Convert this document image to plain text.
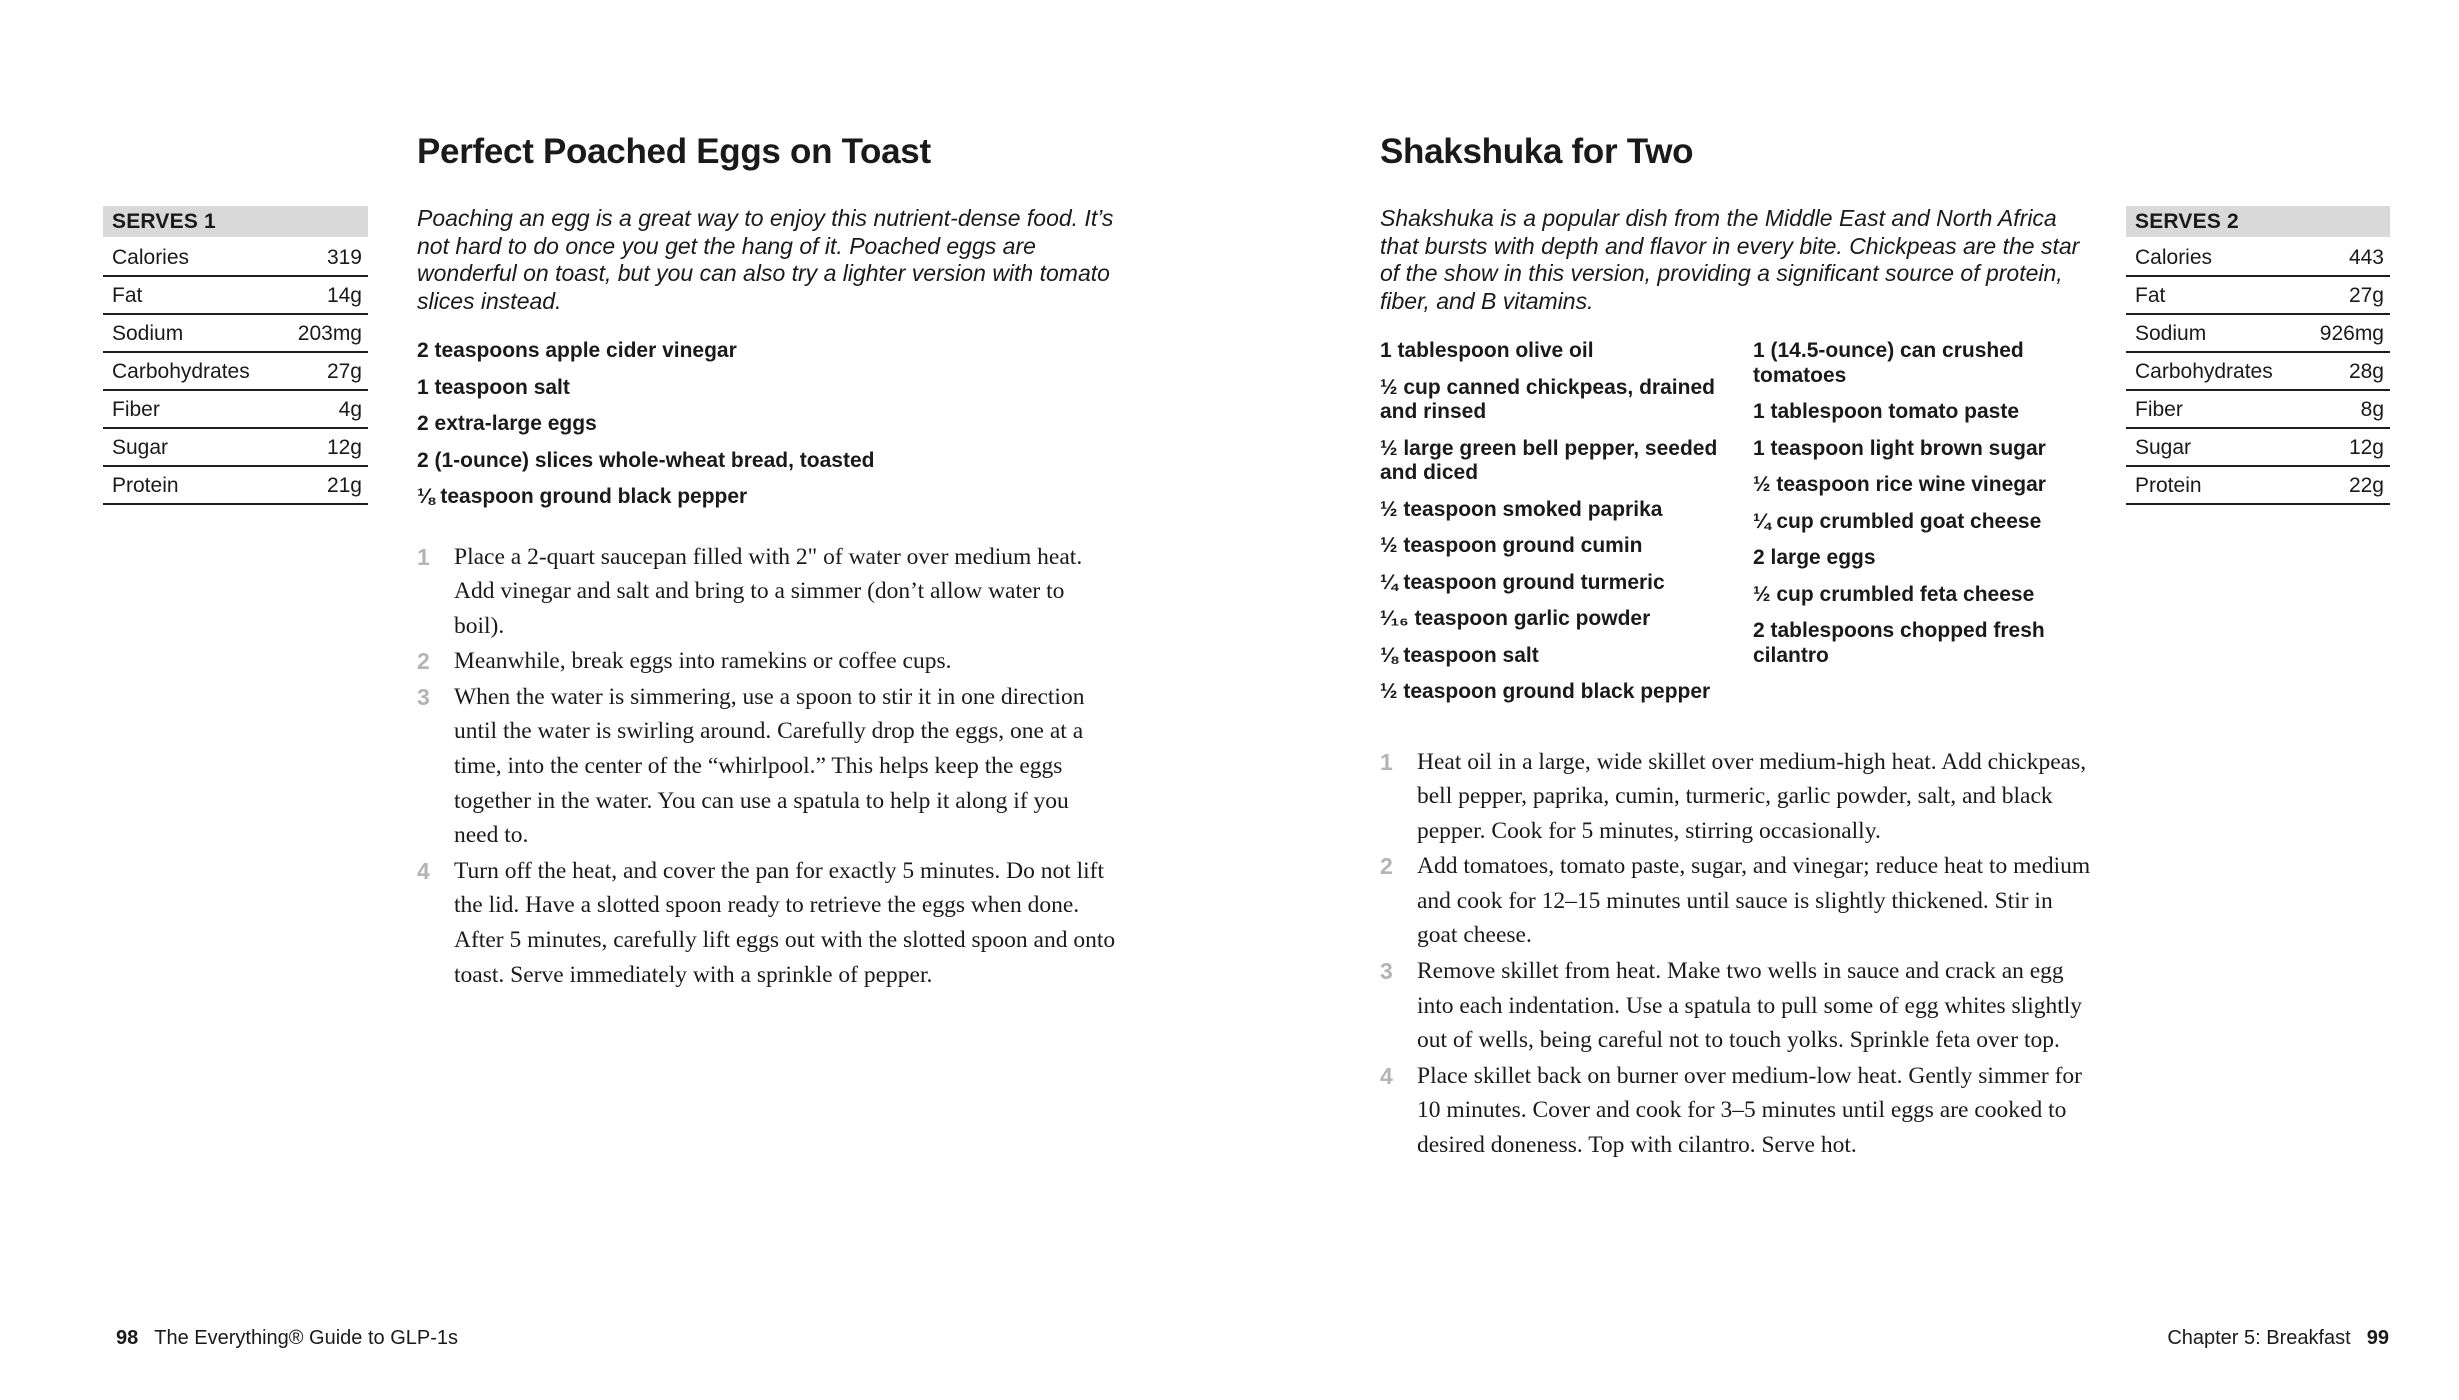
SERVES 1
Calories	319
Fat	14g
Sodium	203mg
Carbohydrates	27g
Fiber	4g
Sugar	12g
Protein	21g
Perfect Poached Eggs on Toast

Poaching an egg is a great way to enjoy this nutrient-dense food. It’s not hard to do once you get the hang of it. Poached eggs are wonderful on toast, but you can also try a lighter version with tomato slices instead.

2 teaspoons apple cider vinegar
1 teaspoon salt
2 extra-large eggs
2 (1-ounce) slices whole-wheat bread, toasted
⅛ teaspoon ground black pepper
1	Place a 2-quart saucepan filled with 2" of water over medium heat. Add vinegar and salt and bring to a simmer (don’t allow water to boil).
2	Meanwhile, break eggs into ramekins or coffee cups.
3	When the water is simmering, use a spoon to stir it in one direction until the water is swirling around. Carefully drop the eggs, one at a time, into the center of the “whirlpool.” This helps keep the eggs together in the water. You can use a spatula to help it along if you need to.
4	Turn off the heat, and cover the pan for exactly 5 minutes. Do not lift the lid. Have a slotted spoon ready to retrieve the eggs when done. After 5 minutes, carefully lift eggs out with the slotted spoon and onto toast. Serve immediately with a sprinkle of pepper.
Shakshuka for Two

Shakshuka is a popular dish from the Middle East and North Africa that bursts with depth and flavor in every bite. Chickpeas are the star of the show in this version, providing a significant source of protein, fiber, and B vitamins.

1 tablespoon olive oil
½ cup canned chickpeas, drained and rinsed
½ large green bell pepper, seeded and diced
½ teaspoon smoked paprika
½ teaspoon ground cumin
¼ teaspoon ground turmeric
¹⁄₁₆ teaspoon garlic powder
⅛ teaspoon salt
½ teaspoon ground black pepper
1 (14.5-ounce) can crushed tomatoes
1 tablespoon tomato paste
1 teaspoon light brown sugar
½ teaspoon rice wine vinegar
¼ cup crumbled goat cheese
2 large eggs
½ cup crumbled feta cheese
2 tablespoons chopped fresh cilantro
1	Heat oil in a large, wide skillet over medium-high heat. Add chickpeas, bell pepper, paprika, cumin, turmeric, garlic powder, salt, and black pepper. Cook for 5 minutes, stirring occasionally.
2	Add tomatoes, tomato paste, sugar, and vinegar; reduce heat to medium and cook for 12–15 minutes until sauce is slightly thickened. Stir in goat cheese.
3	Remove skillet from heat. Make two wells in sauce and crack an egg into each indentation. Use a spatula to pull some of egg whites slightly out of wells, being careful not to touch yolks. Sprinkle feta over top.
4	Place skillet back on burner over medium-low heat. Gently simmer for 10 minutes. Cover and cook for 3–5 minutes until eggs are cooked to desired doneness. Top with cilantro. Serve hot.
SERVES 2
Calories	443
Fat	27g
Sodium	926mg
Carbohydrates	28g
Fiber	8g
Sugar	12g
Protein	22g
98 The Everything® Guide to GLP-1s	Chapter 5: Breakfast 99
